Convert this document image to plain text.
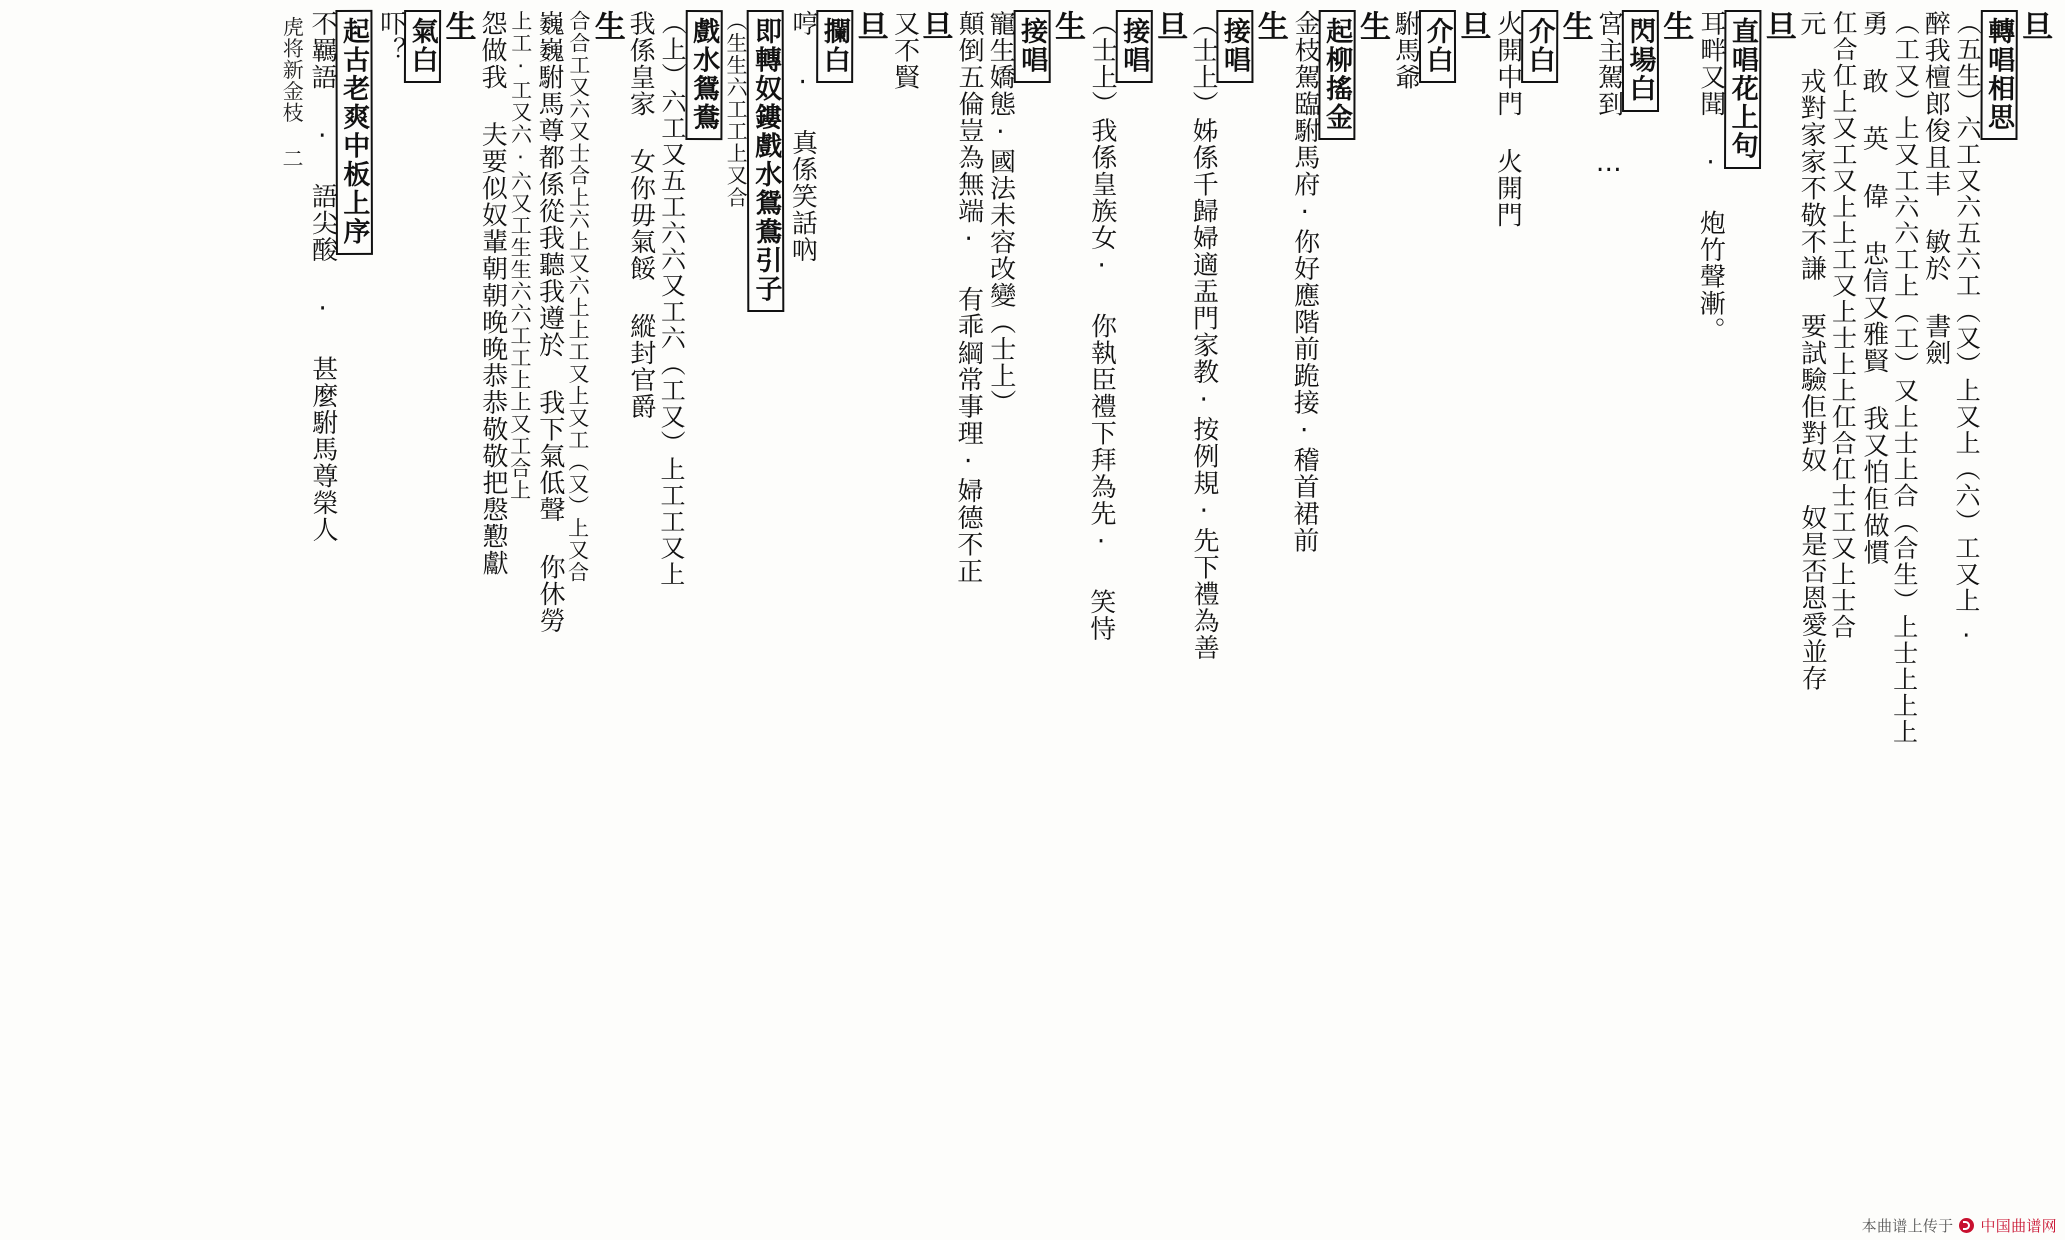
旦
轉唱相思
（五生）六工又六五六工（又）上又上（六）工又上.
醉我檀郎俊且丰 敏於 書劍
（工又）上又工六六工上（工）又上士上合（合生）上士上上上
勇 敢 英 偉 忠信又雅賢 我又怕佢做慣
仜合仜上又工又上上工又上士上上仜合仜士工又上士合
元 戎對家家不敬不謙 要試驗佢對奴 奴是否恩愛並存
旦
直唱花上句
耳畔又聞 · 炮竹聲漸。
生
閃場白
宮主駕到 …
生
介白
火開中門 火開門
旦
介白
駙馬爺
生
起柳搖金
金枝駕臨駙馬府·你好應階前跪接·稽首裙前
生
接唱
（士上）姊係千歸婦適盂門家教·按例規·先下禮為善
旦
接唱
（士上）我係皇族女· 你執臣禮下拜為先· 笑恃
生
接唱
寵生嬌態·國法未容改變（士上）
顛倒五倫豈為無端· 有乖綱常事理·婦德不正
旦
又不賢
旦
攔白
哼 · 真係笑話吶
即轉奴鏤戲水鴛鴦引子
（生生六工工上又合
戲水鴛鴦
（上）六工又五工六六又工六（工又）上工工又上
我係皇家 女你毋氣餒 縱封官爵
生
合合工又六又士合上六上又六上上工又上又工（又）上又合
巍巍駙馬尊都係從我聽我遵於 我下氣低聲 你休勞
上工·工又六·六又工生生六六工工上上又工合上
怨做我 夫要似奴輩朝朝晚晚恭恭敬敬把慇懃獻
生
氣白
吓？
起古老爽中板上序
不羈語 · 語尖酸 · 甚麼駙馬尊榮人
虎将新金枝 二
本曲谱上传于 中国曲谱网
